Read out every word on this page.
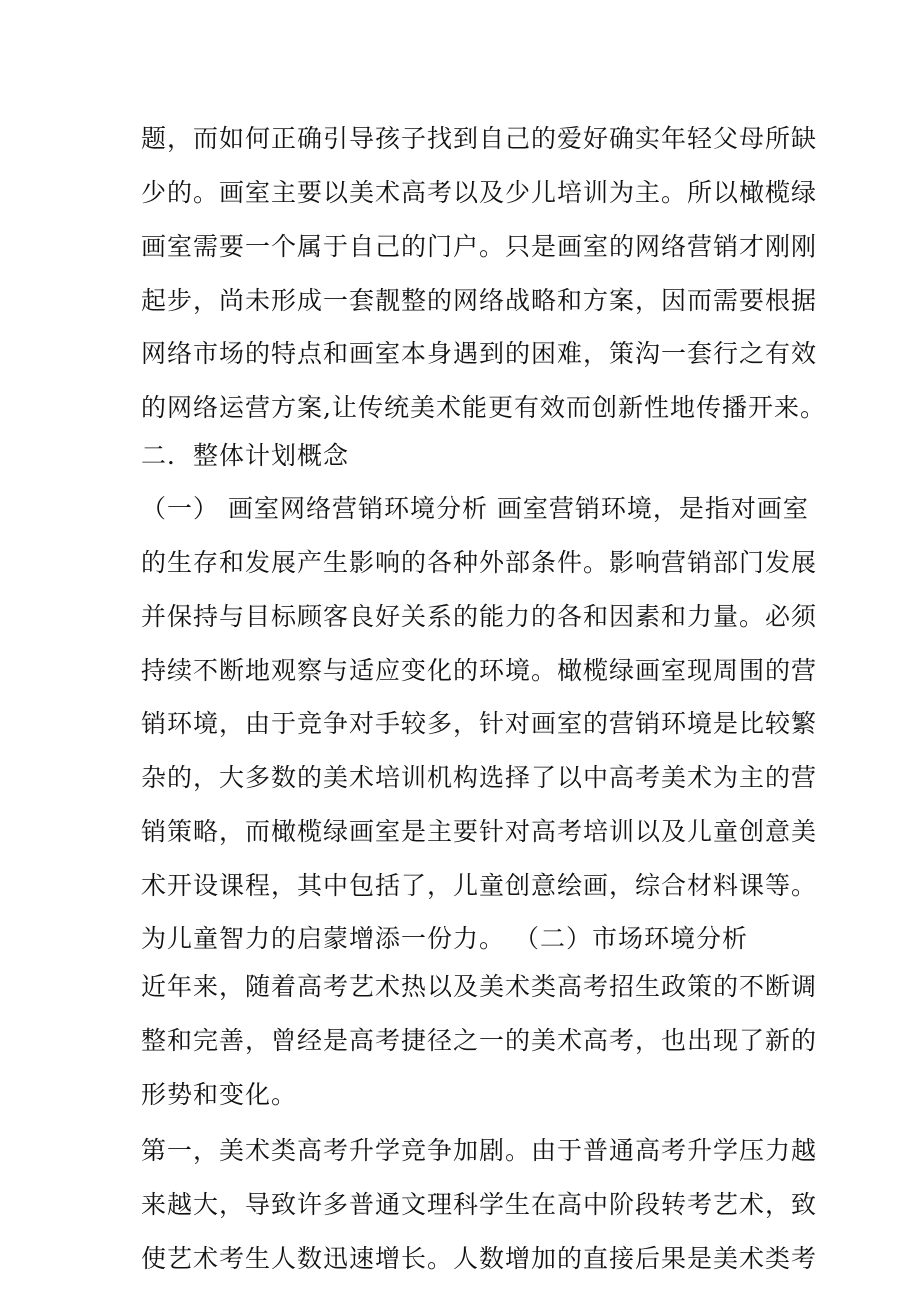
题，而如何正确引导孩子找到自己的爱好确实年轻父母所缺
少的。画室主要以美术高考以及少儿培训为主。所以橄榄绿
画室需要一个属于自己的门户。只是画室的网络营销才刚刚
起步，尚未形成一套靓整的网络战略和方案，因而需要根据
网络市场的特点和画室本身遇到的困难，策沟一套行之有效
的网络运营方案,让传统美术能更有效而创新性地传播开来。
二．整体计划概念
（一） 画室网络营销环境分析 画室营销环境，是指对画室
的生存和发展产生影响的各种外部条件。影响营销部门发展
并保持与目标顾客良好关系的能力的各和因素和力量。必须
持续不断地观察与适应变化的环境。橄榄绿画室现周围的营
销环境，由于竞争对手较多，针对画室的营销环境是比较繁
杂的，大多数的美术培训机构选择了以中高考美术为主的营
销策略，而橄榄绿画室是主要针对高考培训以及儿童创意美
术开设课程，其中包括了，儿童创意绘画，综合材料课等。
为儿童智力的启蒙增添一份力。 （二）市场环境分析
近年来，随着高考艺术热以及美术类高考招生政策的不断调
整和完善，曾经是高考捷径之一的美术高考，也出现了新的
形势和变化。
第一，美术类高考升学竞争加剧。由于普通高考升学压力越
来越大，导致许多普通文理科学生在高中阶段转考艺术，致
使艺术考生人数迅速增长。人数增加的直接后果是美术类考
